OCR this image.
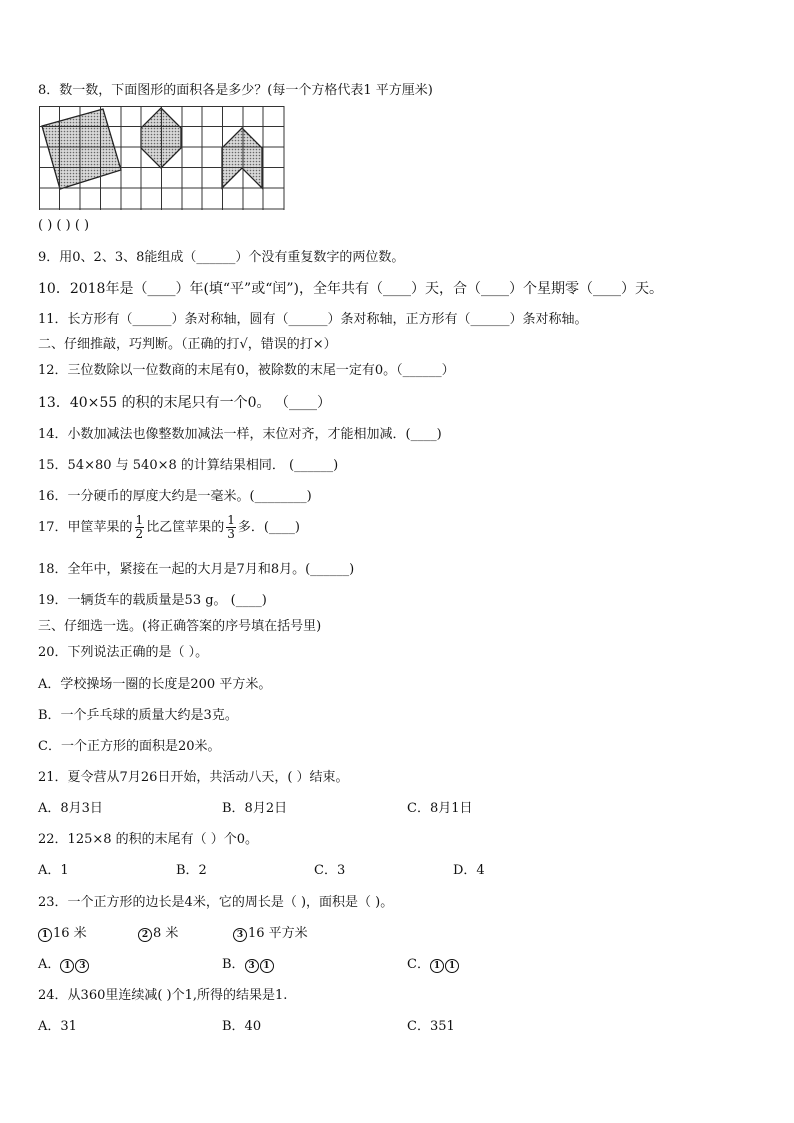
8．数一数，下面图形的面积各是多少？(每一个方格代表1 平方厘米)
( ) ( ) ( )
9．用0、2、3、8能组成（______）个没有重复数字的两位数。
10．2018年是（____）年(填“平”或“闰”)，全年共有（____）天，合（____）个星期零（____）天。
11．长方形有（______）条对称轴，圆有（______）条对称轴，正方形有（______）条对称轴。
二、仔细推敲，巧判断。（正确的打√，错误的打×）
12．三位数除以一位数商的末尾有0，被除数的末尾一定有0。（______）
13．40×55 的积的末尾只有一个0。 （____）
14．小数加减法也像整数加减法一样，末位对齐，才能相加减．(____)
15．54×80 与 540×8 的计算结果相同． (______)
16．一分硬币的厚度大约是一毫米。(________)
17．甲筐苹果的 $\frac{1}{2}$ 比乙筐苹果的 $\frac{1}{3}$ 多．(____)
18．全年中，紧接在一起的大月是7月和8月。(______)
19．一辆货车的载质量是53 g。 (____)
三、仔细选一选。(将正确答案的序号填在括号里)
20．下列说法正确的是（ ）。
A．学校操场一圈的长度是200 平方米。
B．一个乒乓球的质量大约是3克。
C．一个正方形的面积是20米。
21．夏令营从7月26日开始，共活动八天，( ）结束。
A．8月3日	B．8月2日	C．8月1日
22．125×8 的积的末尾有（ ）个0。
A．1	B．2	C．3	D．4
23．一个正方形的边长是4米，它的周长是（ )，面积是（ )。
1 16 米	2 8 米	3 16 平方米
A． 1 3	B． 3 1	C． 1 1
24．从360里连续减( )个1,所得的结果是1.
A．31	B．40	C．351
